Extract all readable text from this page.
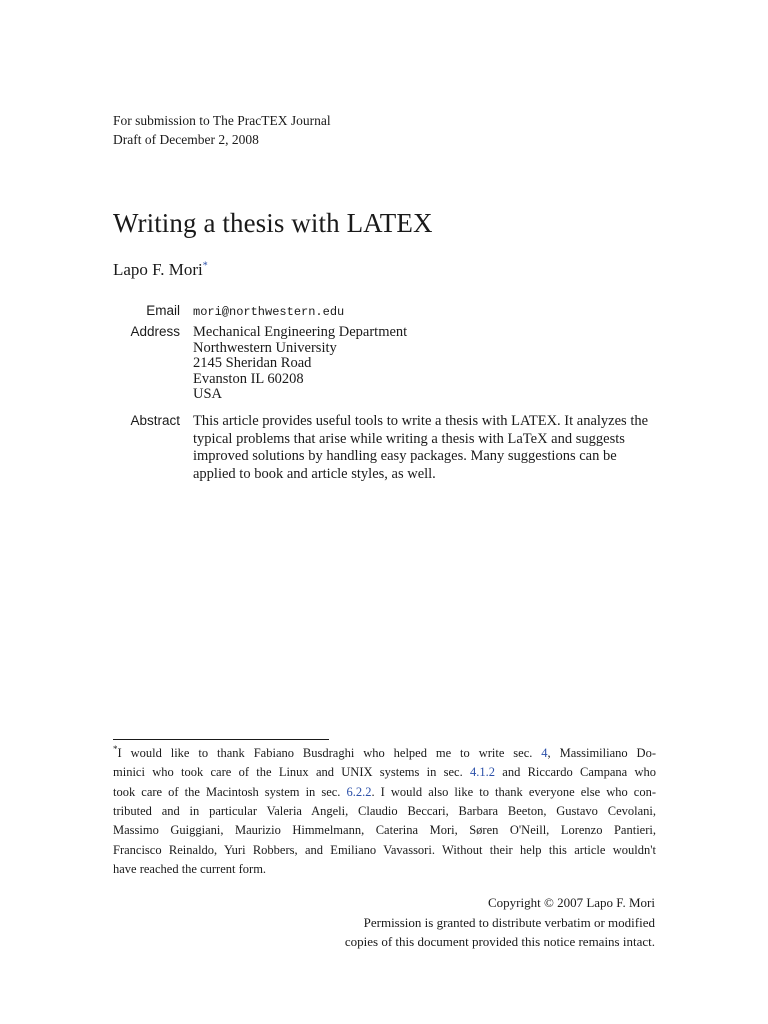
For submission to The PracTEX Journal
Draft of December 2, 2008
Writing a thesis with LATEX
Lapo F. Mori*
Email mori@northwestern.edu
Address Mechanical Engineering Department
Northwestern University
2145 Sheridan Road
Evanston IL 60208
USA
Abstract This article provides useful tools to write a thesis with LATEX. It analyzes the
typical problems that arise while writing a thesis with LaTeX and suggests
improved solutions by handling easy packages. Many suggestions can be
applied to book and article styles, as well.
*I would like to thank Fabiano Busdraghi who helped me to write sec. 4, Massimiliano Do-
minici who took care of the Linux and UNIX systems in sec. 4.1.2 and Riccardo Campana who
took care of the Macintosh system in sec. 6.2.2. I would also like to thank everyone else who con-
tributed and in particular Valeria Angeli, Claudio Beccari, Barbara Beeton, Gustavo Cevolani,
Massimo Guiggiani, Maurizio Himmelmann, Caterina Mori, Søren O'Neill, Lorenzo Pantieri,
Francisco Reinaldo, Yuri Robbers, and Emiliano Vavassori. Without their help this article wouldn't
have reached the current form.
Copyright © 2007 Lapo F. Mori
Permission is granted to distribute verbatim or modified
copies of this document provided this notice remains intact.
